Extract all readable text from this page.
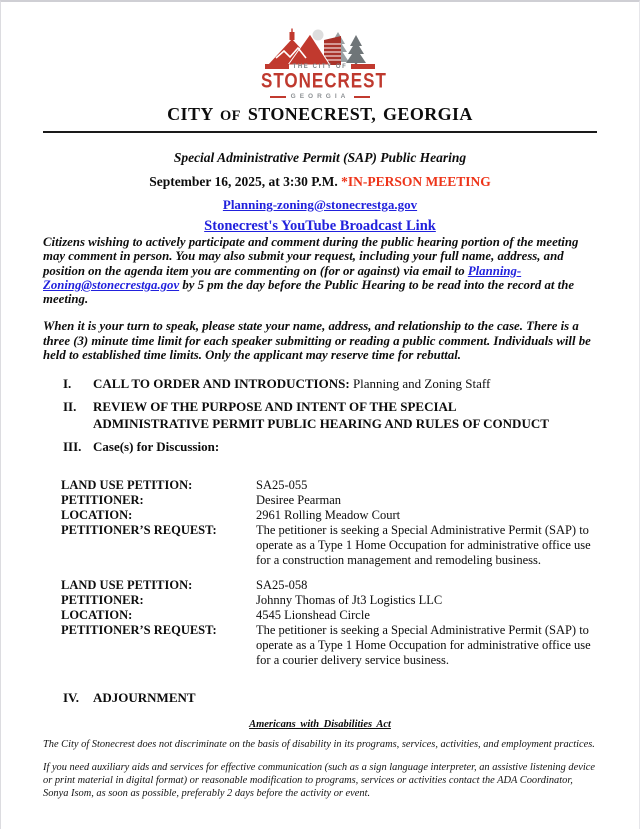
THE CITY OF
STONECREST
GEORGIA
CITY OF STONECREST, GEORGIA
Special Administrative Permit (SAP) Public Hearing
September 16, 2025, at 3:30 P.M. *IN-PERSON MEETING
Planning-zoning@stonecrestga.gov
Stonecrest's YouTube Broadcast Link

Citizens wishing to actively participate and comment during the public hearing portion of the meeting may comment in person. You may also submit your request, including your full name, address, and position on the agenda item you are commenting on (for or against) via email to Planning-Zoning@stonecrestga.gov by 5 pm the day before the Public Hearing to be read into the record at the meeting.

When it is your turn to speak, please state your name, address, and relationship to the case. There is a three (3) minute time limit for each speaker submitting or reading a public comment. Individuals will be held to established time limits. Only the applicant may reserve time for rebuttal.

I.	CALL TO ORDER AND INTRODUCTIONS: Planning and Zoning Staff
II.	REVIEW OF THE PURPOSE AND INTENT OF THE SPECIAL ADMINISTRATIVE PERMIT PUBLIC HEARING AND RULES OF CONDUCT
III. Case(s) for Discussion:
LAND USE PETITION:	SA25-055
PETITIONER:	Desiree Pearman
LOCATION:	2961 Rolling Meadow Court
PETITIONER’S REQUEST:	The petitioner is seeking a Special Administrative Permit (SAP) to operate as a Type 1 Home Occupation for administrative office use for a construction management and remodeling business.
LAND USE PETITION:	SA25-058
PETITIONER:	Johnny Thomas of Jt3 Logistics LLC
LOCATION:	4545 Lionshead Circle
PETITIONER’S REQUEST:	The petitioner is seeking a Special Administrative Permit (SAP) to operate as a Type 1 Home Occupation for administrative office use for a courier delivery service business.
IV.	ADJOURNMENT
Americans with Disabilities Act

The City of Stonecrest does not discriminate on the basis of disability in its programs, services, activities, and employment practices.

If you need auxiliary aids and services for effective communication (such as a sign language interpreter, an assistive listening device or print material in digital format) or reasonable modification to programs, services or activities contact the ADA Coordinator, Sonya Isom, as soon as possible, preferably 2 days before the activity or event.
